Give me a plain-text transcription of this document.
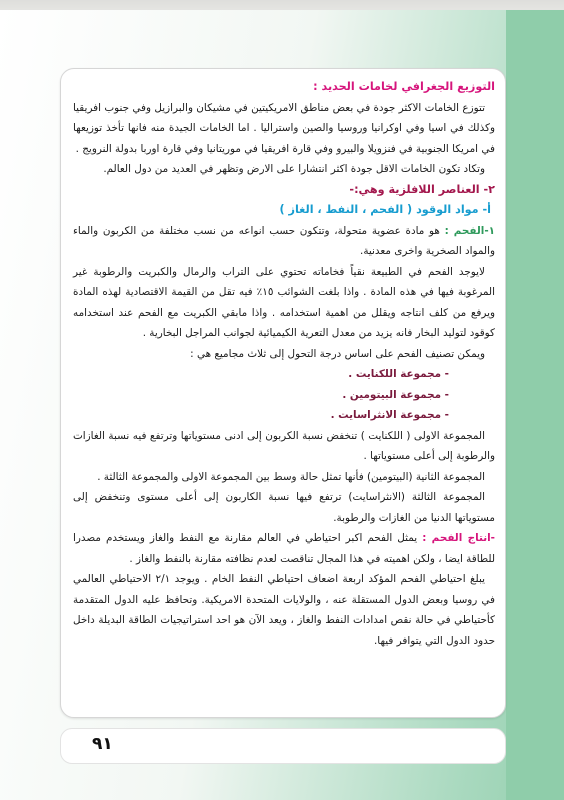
التوزيع الجغرافي لخامات الحديد :

تتوزع الخامات الاكثر جودة في بعض مناطق الامريكيتين في مشيكان والبرازيل وفي جنوب افريقيا وكذلك في اسيا وفي اوكرانيا وروسيا والصين واستراليا . اما الخامات الجيدة منه فانها تأخذ توزيعها في امريكا الجنوبية في فنزويلا والبيرو وفي قارة افريقيا في موريتانيا وفي قارة اوربا بدولة النرويج .

وتكاد تكون الخامات الاقل جودة اكثر انتشارا على الارض وتظهر في العديد من دول العالم.

٢- العناصر اللافلزية وهي:-

أ- مواد الوقود ( الفحم ، النفط ، الغاز )

١-الفحم : هو مادة عضوية متحولة، وتتكون حسب انواعه من نسب مختلفة من الكربون والماء والمواد الصخرية واخرى معدنية.

لايوجد الفحم في الطبيعة نقياً فخاماته تحتوي على التراب والرمال والكبريت والرطوبة غير المرغوبة فيها في هذه المادة . واذا بلغت الشوائب ١٥٪ فيه تقل من القيمة الاقتصادية لهذه المادة ويرفع من كلف انتاجه ويقلل من اهمية استخدامه . واذا مابقي الكبريت مع الفحم عند استخدامه كوقود لتوليد البخار فانه يزيد من معدل التعرية الكيميائية لجوانب المراجل البخارية .

ويمكن تصنيف الفحم على اساس درجة التحول إلى ثلاث مجاميع هي :

- مجموعة اللكنايت .

- مجموعة البيتومين .

- مجموعة الانثراسايت .

المجموعة الاولى ( اللكنايت ) تنخفض نسبة الكربون إلى ادنى مستوياتها وترتفع فيه نسبة الغازات والرطوبة إلى أعلى مستوياتها .

المجموعة الثانية (البيتومين) فأنها تمثل حالة وسط بين المجموعة الاولى والمجموعة الثالثة .

المجموعة الثالثة (الانثراسايت) ترتفع فيها نسبة الكاربون إلى أعلى مستوى وتنخفض إلى مستوياتها الدنيا من الغازات والرطوبة.

-انتاج الفحم : يمثل الفحم اكبر احتياطي في العالم مقارنة مع النفط والغاز ويستخدم مصدرا للطاقة ايضا ، ولكن اهميته في هذا المجال تناقصت لعدم نظافته مقارنة بالنفط والغاز .

يبلغ احتياطي الفحم المؤكد اربعة اضعاف احتياطي النفط الخام . ويوجد ٢/١ الاحتياطي العالمي في روسيا وبعض الدول المستقلة عنه ، والولايات المتحدة الامريكية. وتحافظ عليه الدول المتقدمة كأحتياطي في حالة نقص امدادات النفط والغاز ، ويعد الآن هو احد استراتيجيات الطاقة البديلة داخل حدود الدول التي يتوافر فيها.

٩١
